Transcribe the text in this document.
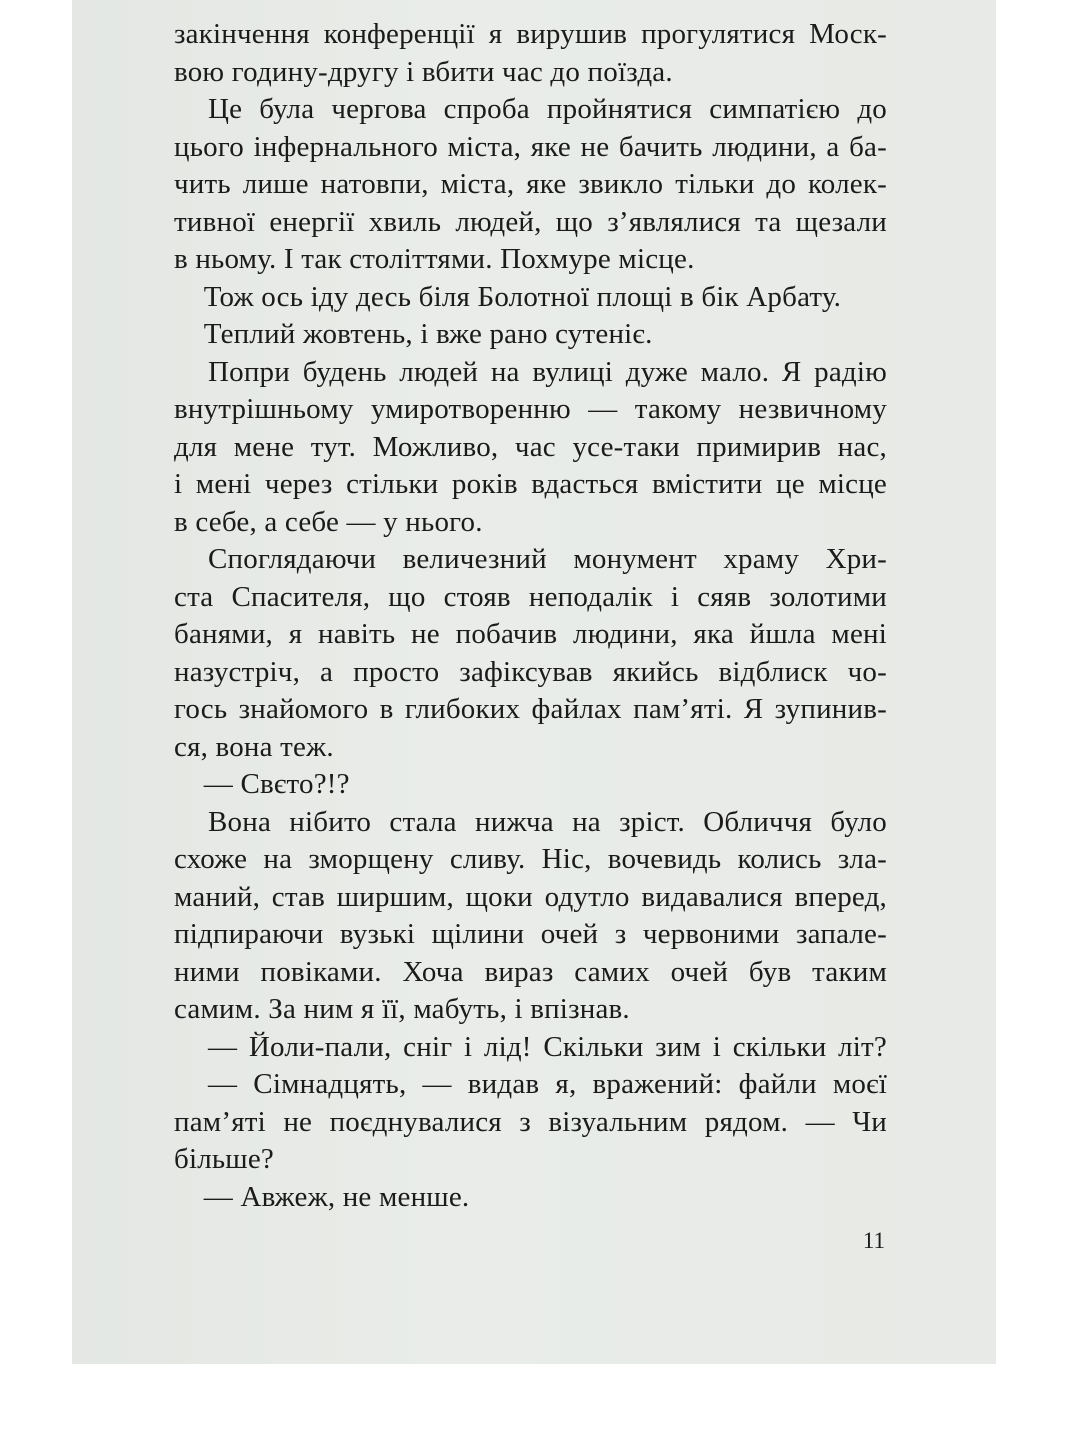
закінчення конференції я вирушив прогулятися Моск-
вою годину-другу і вбити час до поїзда.
Це була чергова спроба пройнятися симпатією до
цього інфернального міста, яке не бачить людини, а ба-
чить лише натовпи, міста, яке звикло тільки до колек-
тивної енергії хвиль людей, що з’являлися та щезали
в ньому. І так століттями. Похмуре місце.
Тож ось іду десь біля Болотної площі в бік Арбату.
Теплий жовтень, і вже рано сутеніє.
Попри будень людей на вулиці дуже мало. Я радію
внутрішньому умиротворенню — такому незвичному
для мене тут. Можливо, час усе-таки примирив нас,
і мені через стільки років вдасться вмістити це місце
в себе, а себе — у нього.
Споглядаючи величезний монумент храму Хри-
ста Спасителя, що стояв неподалік і сяяв золотими
банями, я навіть не побачив людини, яка йшла мені
назустріч, а просто зафіксував якийсь відблиск чо-
гось знайомого в глибоких файлах пам’яті. Я зупинив-
ся, вона теж.
— Свєто?!?
Вона нібито стала нижча на зріст. Обличчя було
схоже на зморщену сливу. Ніс, вочевидь колись зла-
маний, став ширшим, щоки одутло видавалися вперед,
підпираючи вузькі щілини очей з червоними запале-
ними повіками. Хоча вираз самих очей був таким
самим. За ним я її, мабуть, і впізнав.
— Йоли-пали, сніг і лід! Скільки зим і скільки літ?
— Сімнадцять, — видав я, вражений: файли моєї
пам’яті не поєднувалися з візуальним рядом. — Чи
більше?
— Авжеж, не менше.
11
